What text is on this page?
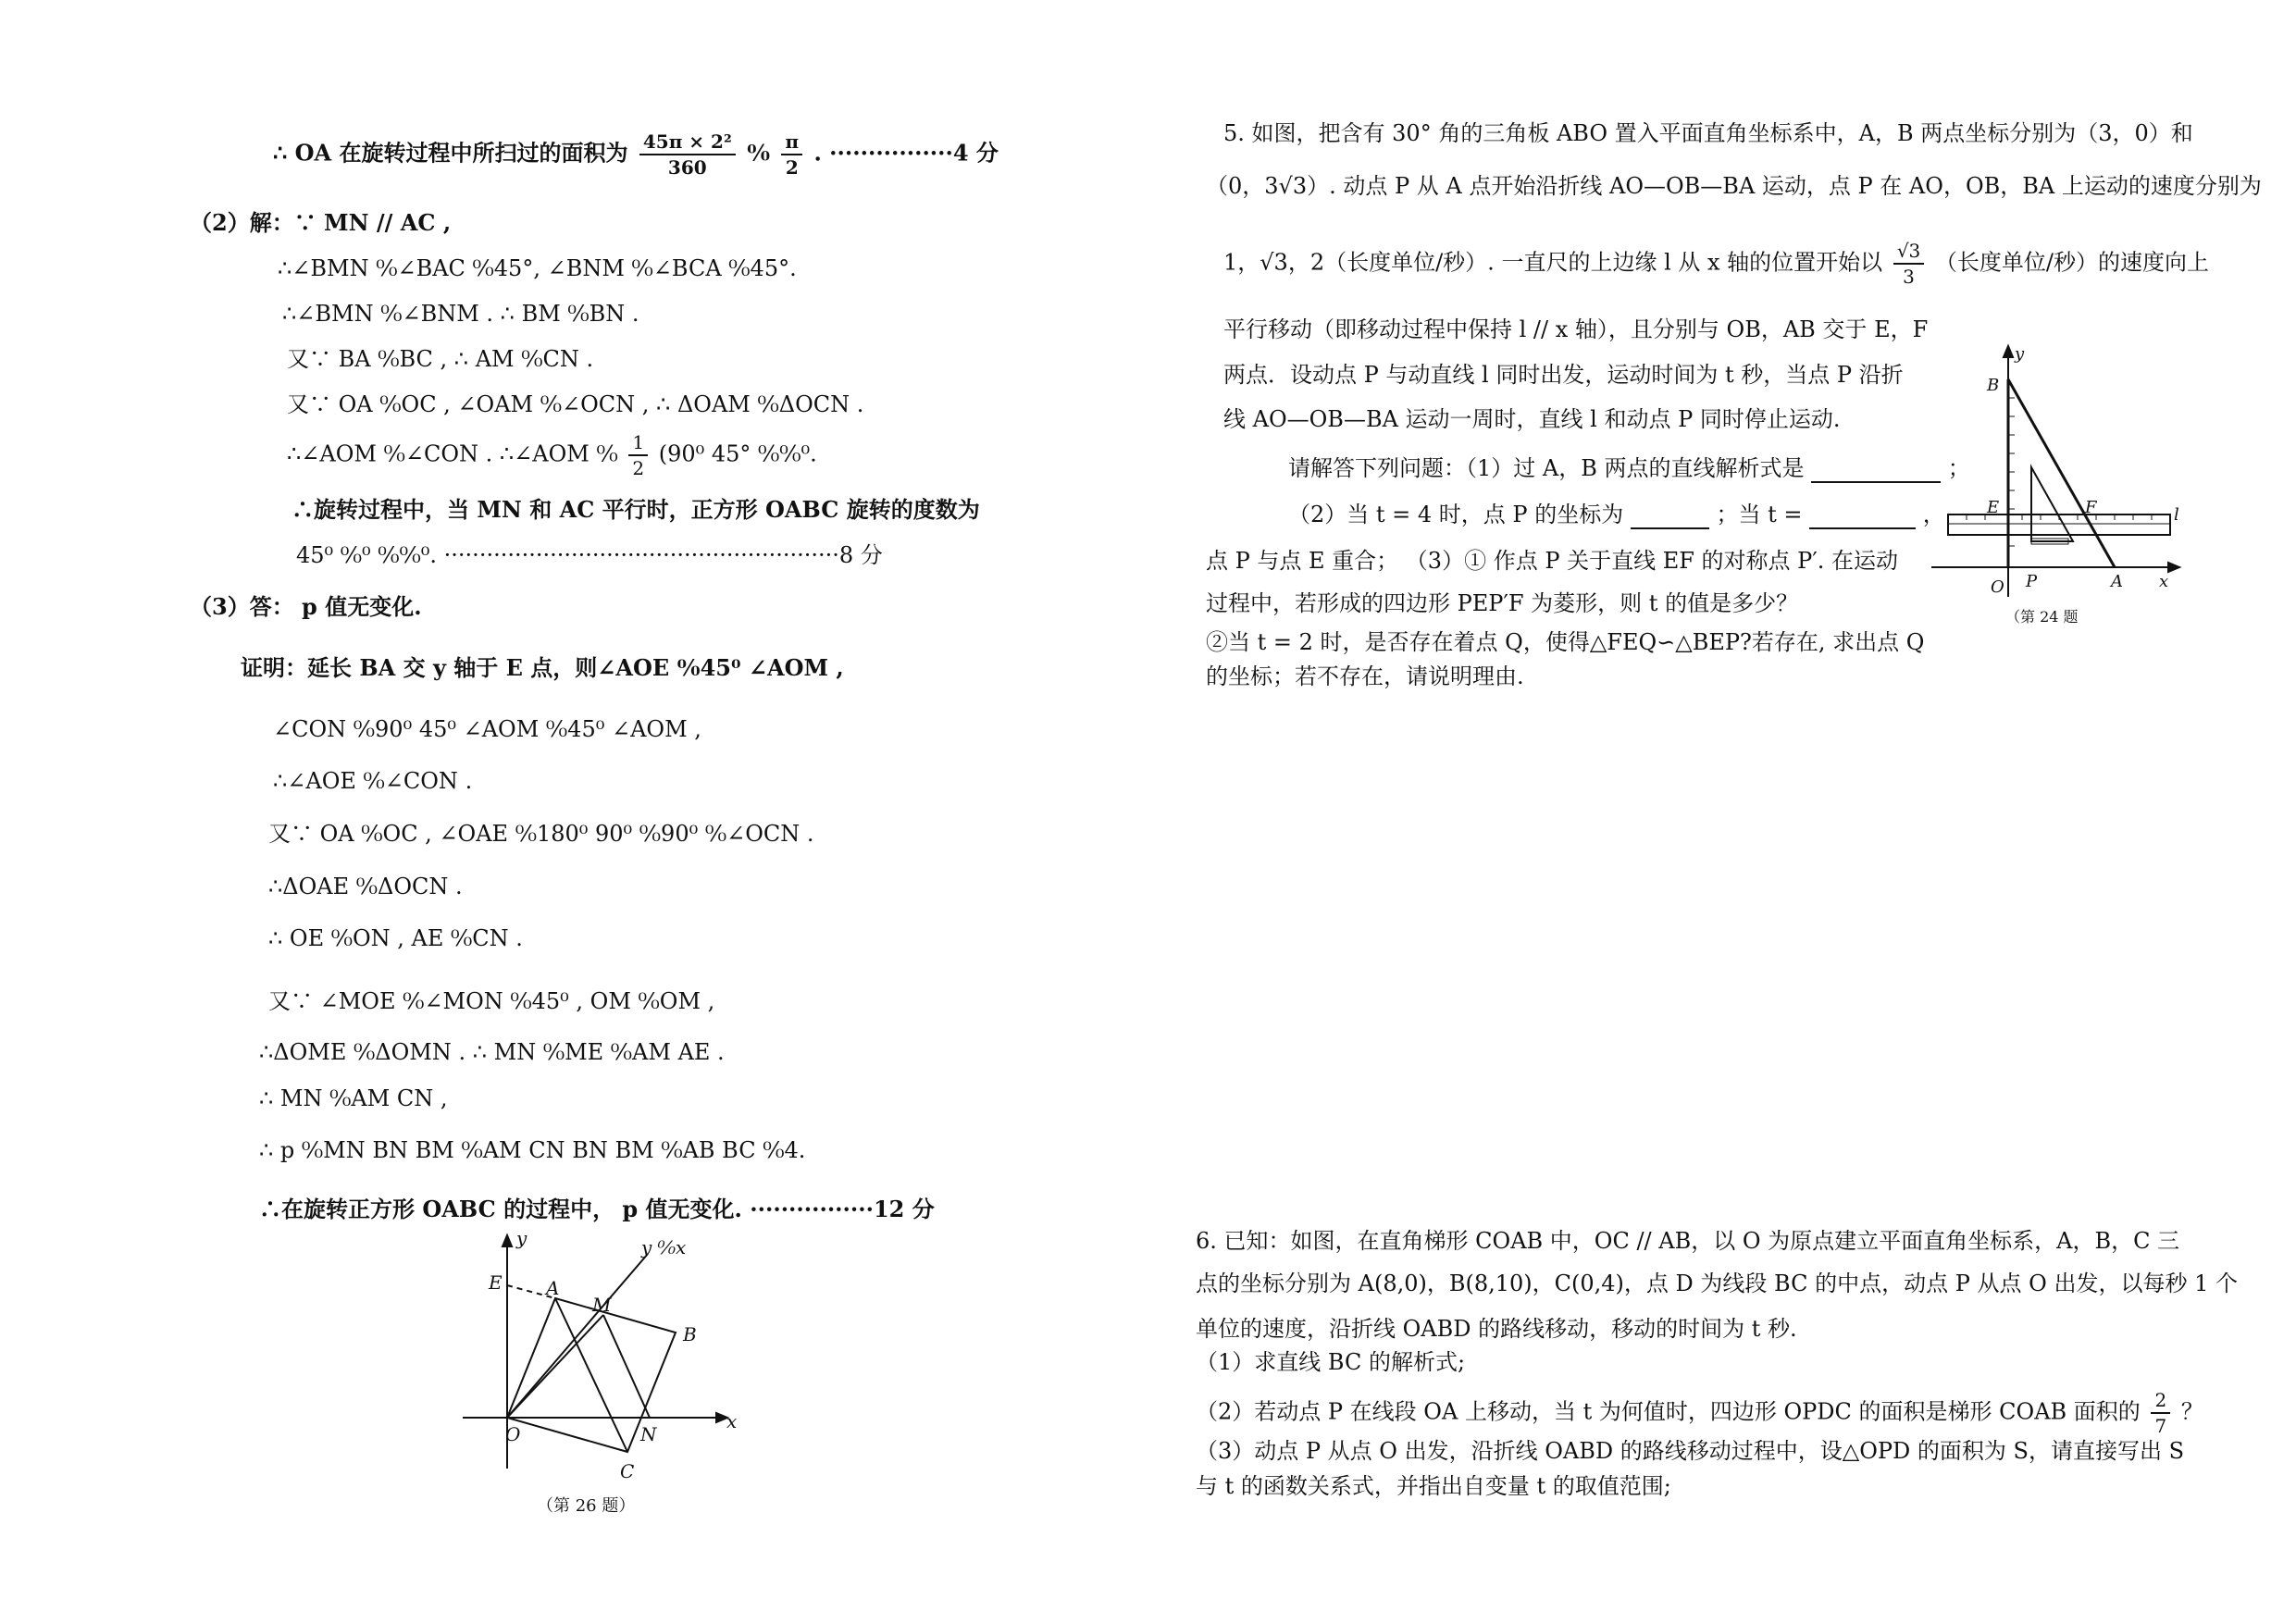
∴ OA 在旋转过程中所扫过的面积为 $\frac{\text{45π × 2²}}{360}$ ⁰⁄₀ $\frac{\pi}{2}$ . ················4 分
（2）解：∵ MN // AC ,
∴∠BMN ⁰⁄₀∠BAC ⁰⁄₀45°, ∠BNM ⁰⁄₀∠BCA ⁰⁄₀45°.
∴∠BMN ⁰⁄₀∠BNM . ∴ BM ⁰⁄₀BN .
又∵ BA ⁰⁄₀BC , ∴ AM ⁰⁄₀CN .
又∵ OA ⁰⁄₀OC , ∠OAM ⁰⁄₀∠OCN , ∴ ΔOAM ⁰⁄₀ΔOCN .
∴∠AOM ⁰⁄₀∠CON . ∴∠AOM ⁰⁄₀ $\frac{1}{2} (90^0$ 45° ⁰⁄₀⁰⁄₀⁰.
∴旋转过程中，当 MN 和 AC 平行时，正方形 OABC 旋转的度数为
45⁰ ⁰⁄₀⁰ ⁰⁄₀⁰⁄₀⁰. ························································8 分
（3）答： p 值无变化.
证明：延长 BA 交 y 轴于 E 点，则∠AOE ⁰⁄₀45⁰ ∠AOM ,
∠CON ⁰⁄₀90⁰ 45⁰ ∠AOM ⁰⁄₀45⁰ ∠AOM ,
∴∠AOE ⁰⁄₀∠CON .
又∵ OA ⁰⁄₀OC , ∠OAE ⁰⁄₀180⁰ 90⁰ ⁰⁄₀90⁰ ⁰⁄₀∠OCN .
∴ΔOAE ⁰⁄₀ΔOCN .
∴ OE ⁰⁄₀ON , AE ⁰⁄₀CN .
又∵ ∠MOE ⁰⁄₀∠MON ⁰⁄₀45⁰ , OM ⁰⁄₀OM ,
∴ΔOME ⁰⁄₀ΔOMN . ∴ MN ⁰⁄₀ME ⁰⁄₀AM AE .
∴ MN ⁰⁄₀AM CN ,
∴ p ⁰⁄₀MN BN BM ⁰⁄₀AM CN BN BM ⁰⁄₀AB BC ⁰⁄₀4.
∴在旋转正方形 OABC 的过程中， p 值无变化. ················12 分
y	y ⁰⁄₀x
E A
M
B
O	N
C
x
（第 26 题）
5. 如图，把含有 30° 角的三角板 ABO 置入平面直角坐标系中，A，B 两点坐标分别为（3，0）和
（0，3√3）. 动点 P 从 A 点开始沿折线 AO—OB—BA 运动，点 P 在 AO，OB，BA 上运动的速度分别为
1，√3，2（长度单位/秒）. 一直尺的上边缘 l 从 x 轴的位置开始以 $\frac{√3}{3}$ （长度单位/秒）的速度向上
平行移动（即移动过程中保持 l // x 轴），且分别与 OB，AB 交于 E，F
两点．设动点 P 与动直线 l 同时出发，运动时间为 t 秒，当点 P 沿折
线 AO—OB—BA 运动一周时，直线 l 和动点 P 同时停止运动.
请解答下列问题：（1）过 A，B 两点的直线解析式是	；
（2）当 t = 4 时，点 P 的坐标为	；当 t =	，
点 P 与点 E 重合； （3）① 作点 P 关于直线 EF 的对称点 P′. 在运动
过程中，若形成的四边形 PEP′F 为菱形，则 t 的值是多少？
②当 t = 2 时，是否存在着点 Q，使得△FEQ∽△BEP?若存在, 求出点 Q
的坐标；若不存在，请说明理由.
y
B
E	F	l
O P	A x
（第 24 题
6. 已知：如图，在直角梯形 COAB 中，OC // AB，以 O 为原点建立平面直角坐标系，A，B，C 三
点的坐标分别为 A(8,0)，B(8,10)，C(0,4)，点 D 为线段 BC 的中点，动点 P 从点 O 出发，以每秒 1 个
单位的速度，沿折线 OABD 的路线移动，移动的时间为 t 秒.
（1）求直线 BC 的解析式;
（2）若动点 P 在线段 OA 上移动，当 t 为何值时，四边形 OPDC 的面积是梯形 COAB 面积的 $\frac{2}{7}$ ？
（3）动点 P 从点 O 出发，沿折线 OABD 的路线移动过程中，设△OPD 的面积为 S，请直接写出 S
与 t 的函数关系式，并指出自变量 t 的取值范围;
